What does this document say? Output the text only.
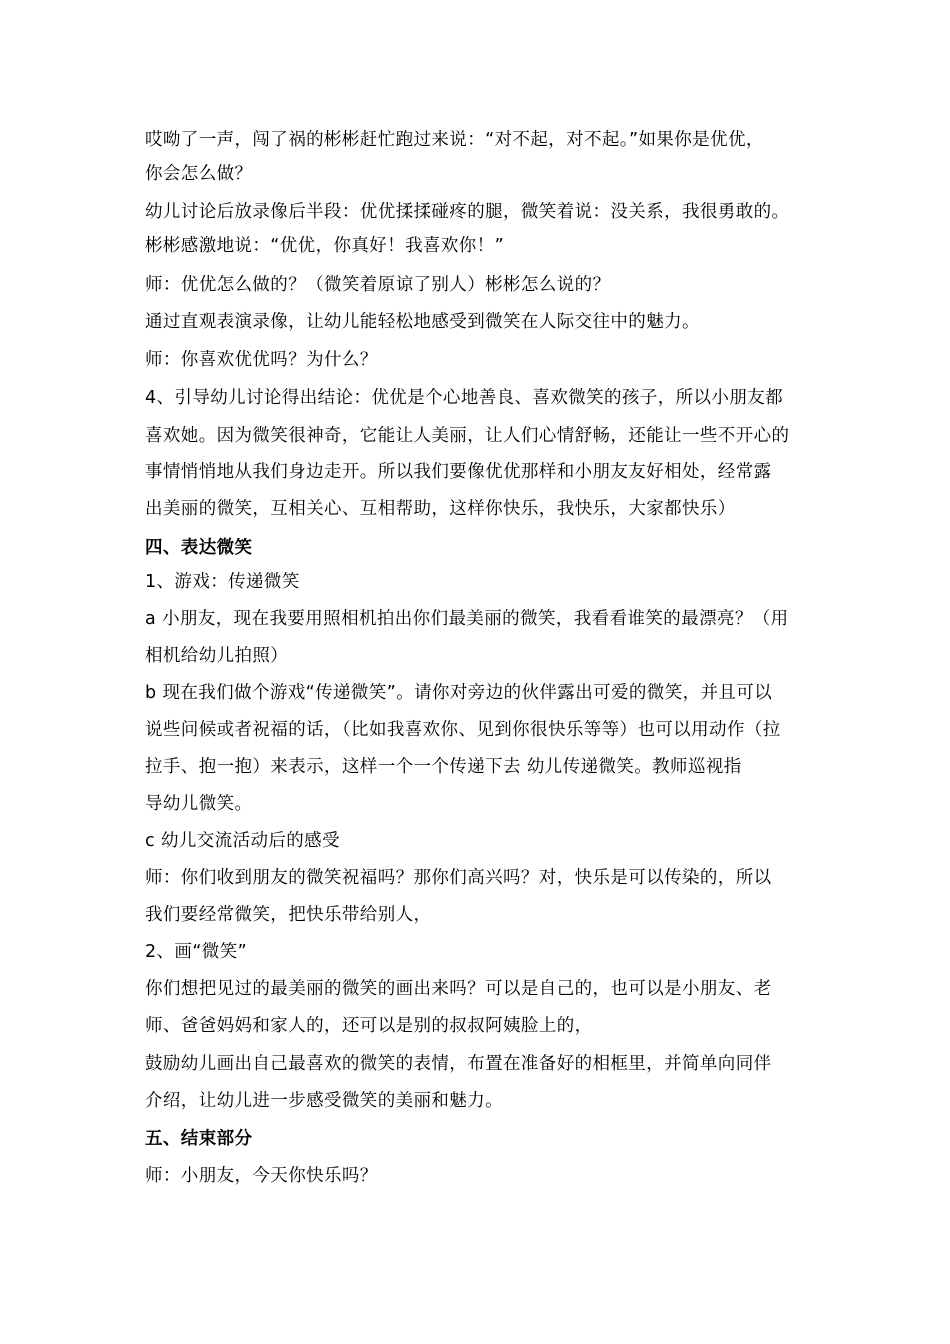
哎呦了一声，闯了祸的彬彬赶忙跑过来说：“对不起，对不起。”如果你是优优，
你会怎么做？
幼儿讨论后放录像后半段：优优揉揉碰疼的腿，微笑着说：没关系，我很勇敢的。
彬彬感激地说：“优优，你真好！我喜欢你！”
师：优优怎么做的？（微笑着原谅了别人）彬彬怎么说的？
通过直观表演录像，让幼儿能轻松地感受到微笑在人际交往中的魅力。
师：你喜欢优优吗？为什么？
4、引导幼儿讨论得出结论：优优是个心地善良、喜欢微笑的孩子，所以小朋友都
喜欢她。因为微笑很神奇，它能让人美丽，让人们心情舒畅，还能让一些不开心的
事情悄悄地从我们身边走开。所以我们要像优优那样和小朋友友好相处，经常露
出美丽的微笑，互相关心、互相帮助，这样你快乐，我快乐，大家都快乐）
四、表达微笑
1、游戏：传递微笑
a 小朋友，现在我要用照相机拍出你们最美丽的微笑，我看看谁笑的最漂亮？（用
相机给幼儿拍照）
b 现在我们做个游戏“传递微笑”。请你对旁边的伙伴露出可爱的微笑，并且可以
说些问候或者祝福的话，（比如我喜欢你、见到你很快乐等等）也可以用动作（拉
拉手、抱一抱）来表示，这样一个一个传递下去 幼儿传递微笑。教师巡视指
导幼儿微笑。
c 幼儿交流活动后的感受
师：你们收到朋友的微笑祝福吗？那你们高兴吗？对，快乐是可以传染的，所以
我们要经常微笑，把快乐带给别人，
2、画“微笑”
你们想把见过的最美丽的微笑的画出来吗？可以是自己的，也可以是小朋友、老
师、爸爸妈妈和家人的，还可以是别的叔叔阿姨脸上的，
鼓励幼儿画出自己最喜欢的微笑的表情，布置在准备好的相框里，并简单向同伴
介绍，让幼儿进一步感受微笑的美丽和魅力。
五、结束部分
师：小朋友，今天你快乐吗？
